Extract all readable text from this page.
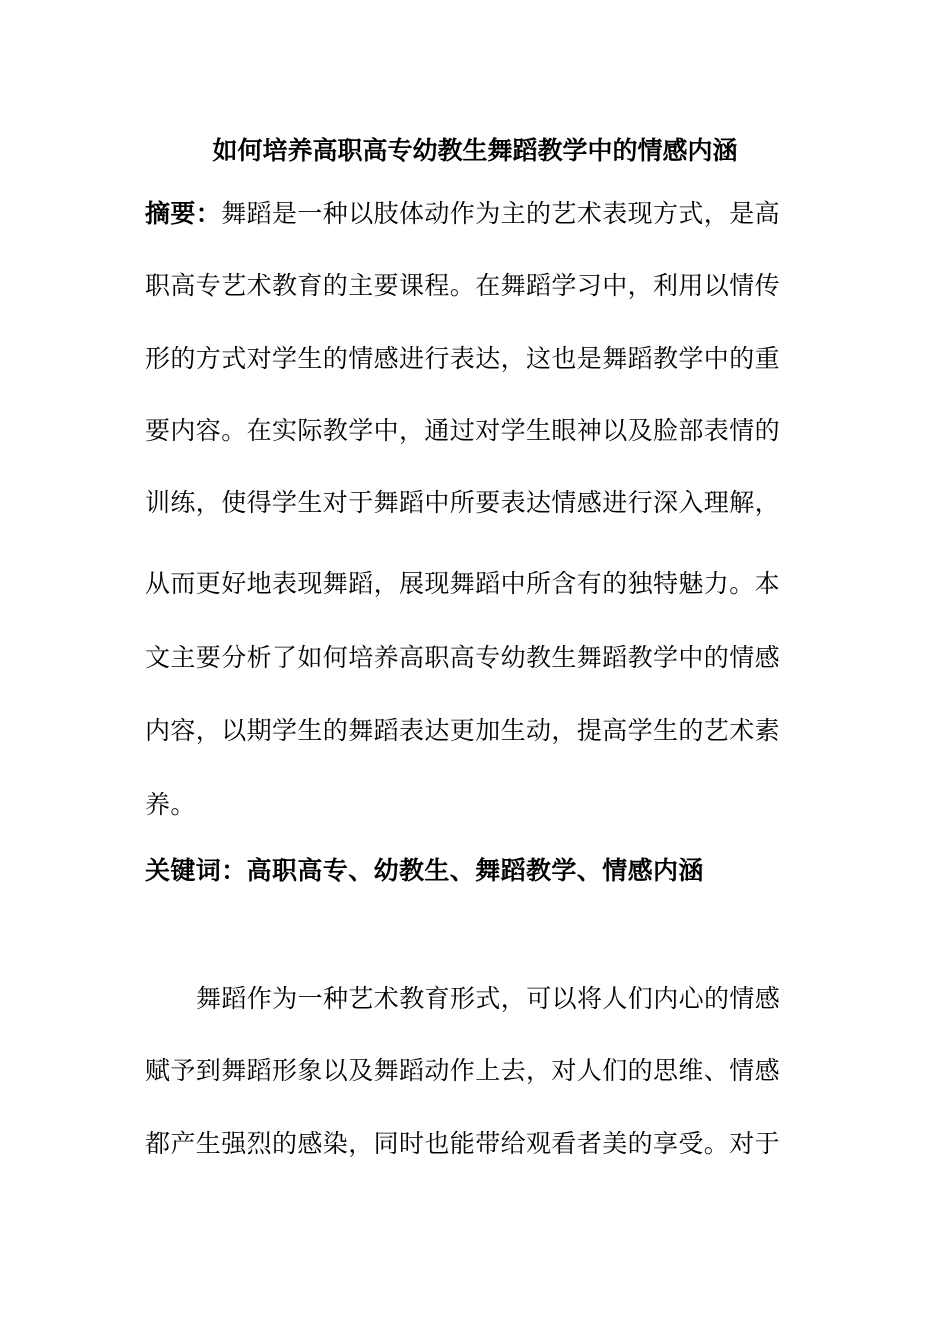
如何培养高职高专幼教生舞蹈教学中的情感内涵
摘要：舞蹈是一种以肢体动作为主的艺术表现方式，是高
职高专艺术教育的主要课程。在舞蹈学习中，利用以情传
形的方式对学生的情感进行表达，这也是舞蹈教学中的重
要内容。在实际教学中，通过对学生眼神以及脸部表情的
训练，使得学生对于舞蹈中所要表达情感进行深入理解，
从而更好地表现舞蹈，展现舞蹈中所含有的独特魅力。本
文主要分析了如何培养高职高专幼教生舞蹈教学中的情感
内容，以期学生的舞蹈表达更加生动，提高学生的艺术素
养。
关键词：高职高专、幼教生、舞蹈教学、情感内涵
舞蹈作为一种艺术教育形式，可以将人们内心的情感
赋予到舞蹈形象以及舞蹈动作上去，对人们的思维、情感
都产生强烈的感染，同时也能带给观看者美的享受。对于
